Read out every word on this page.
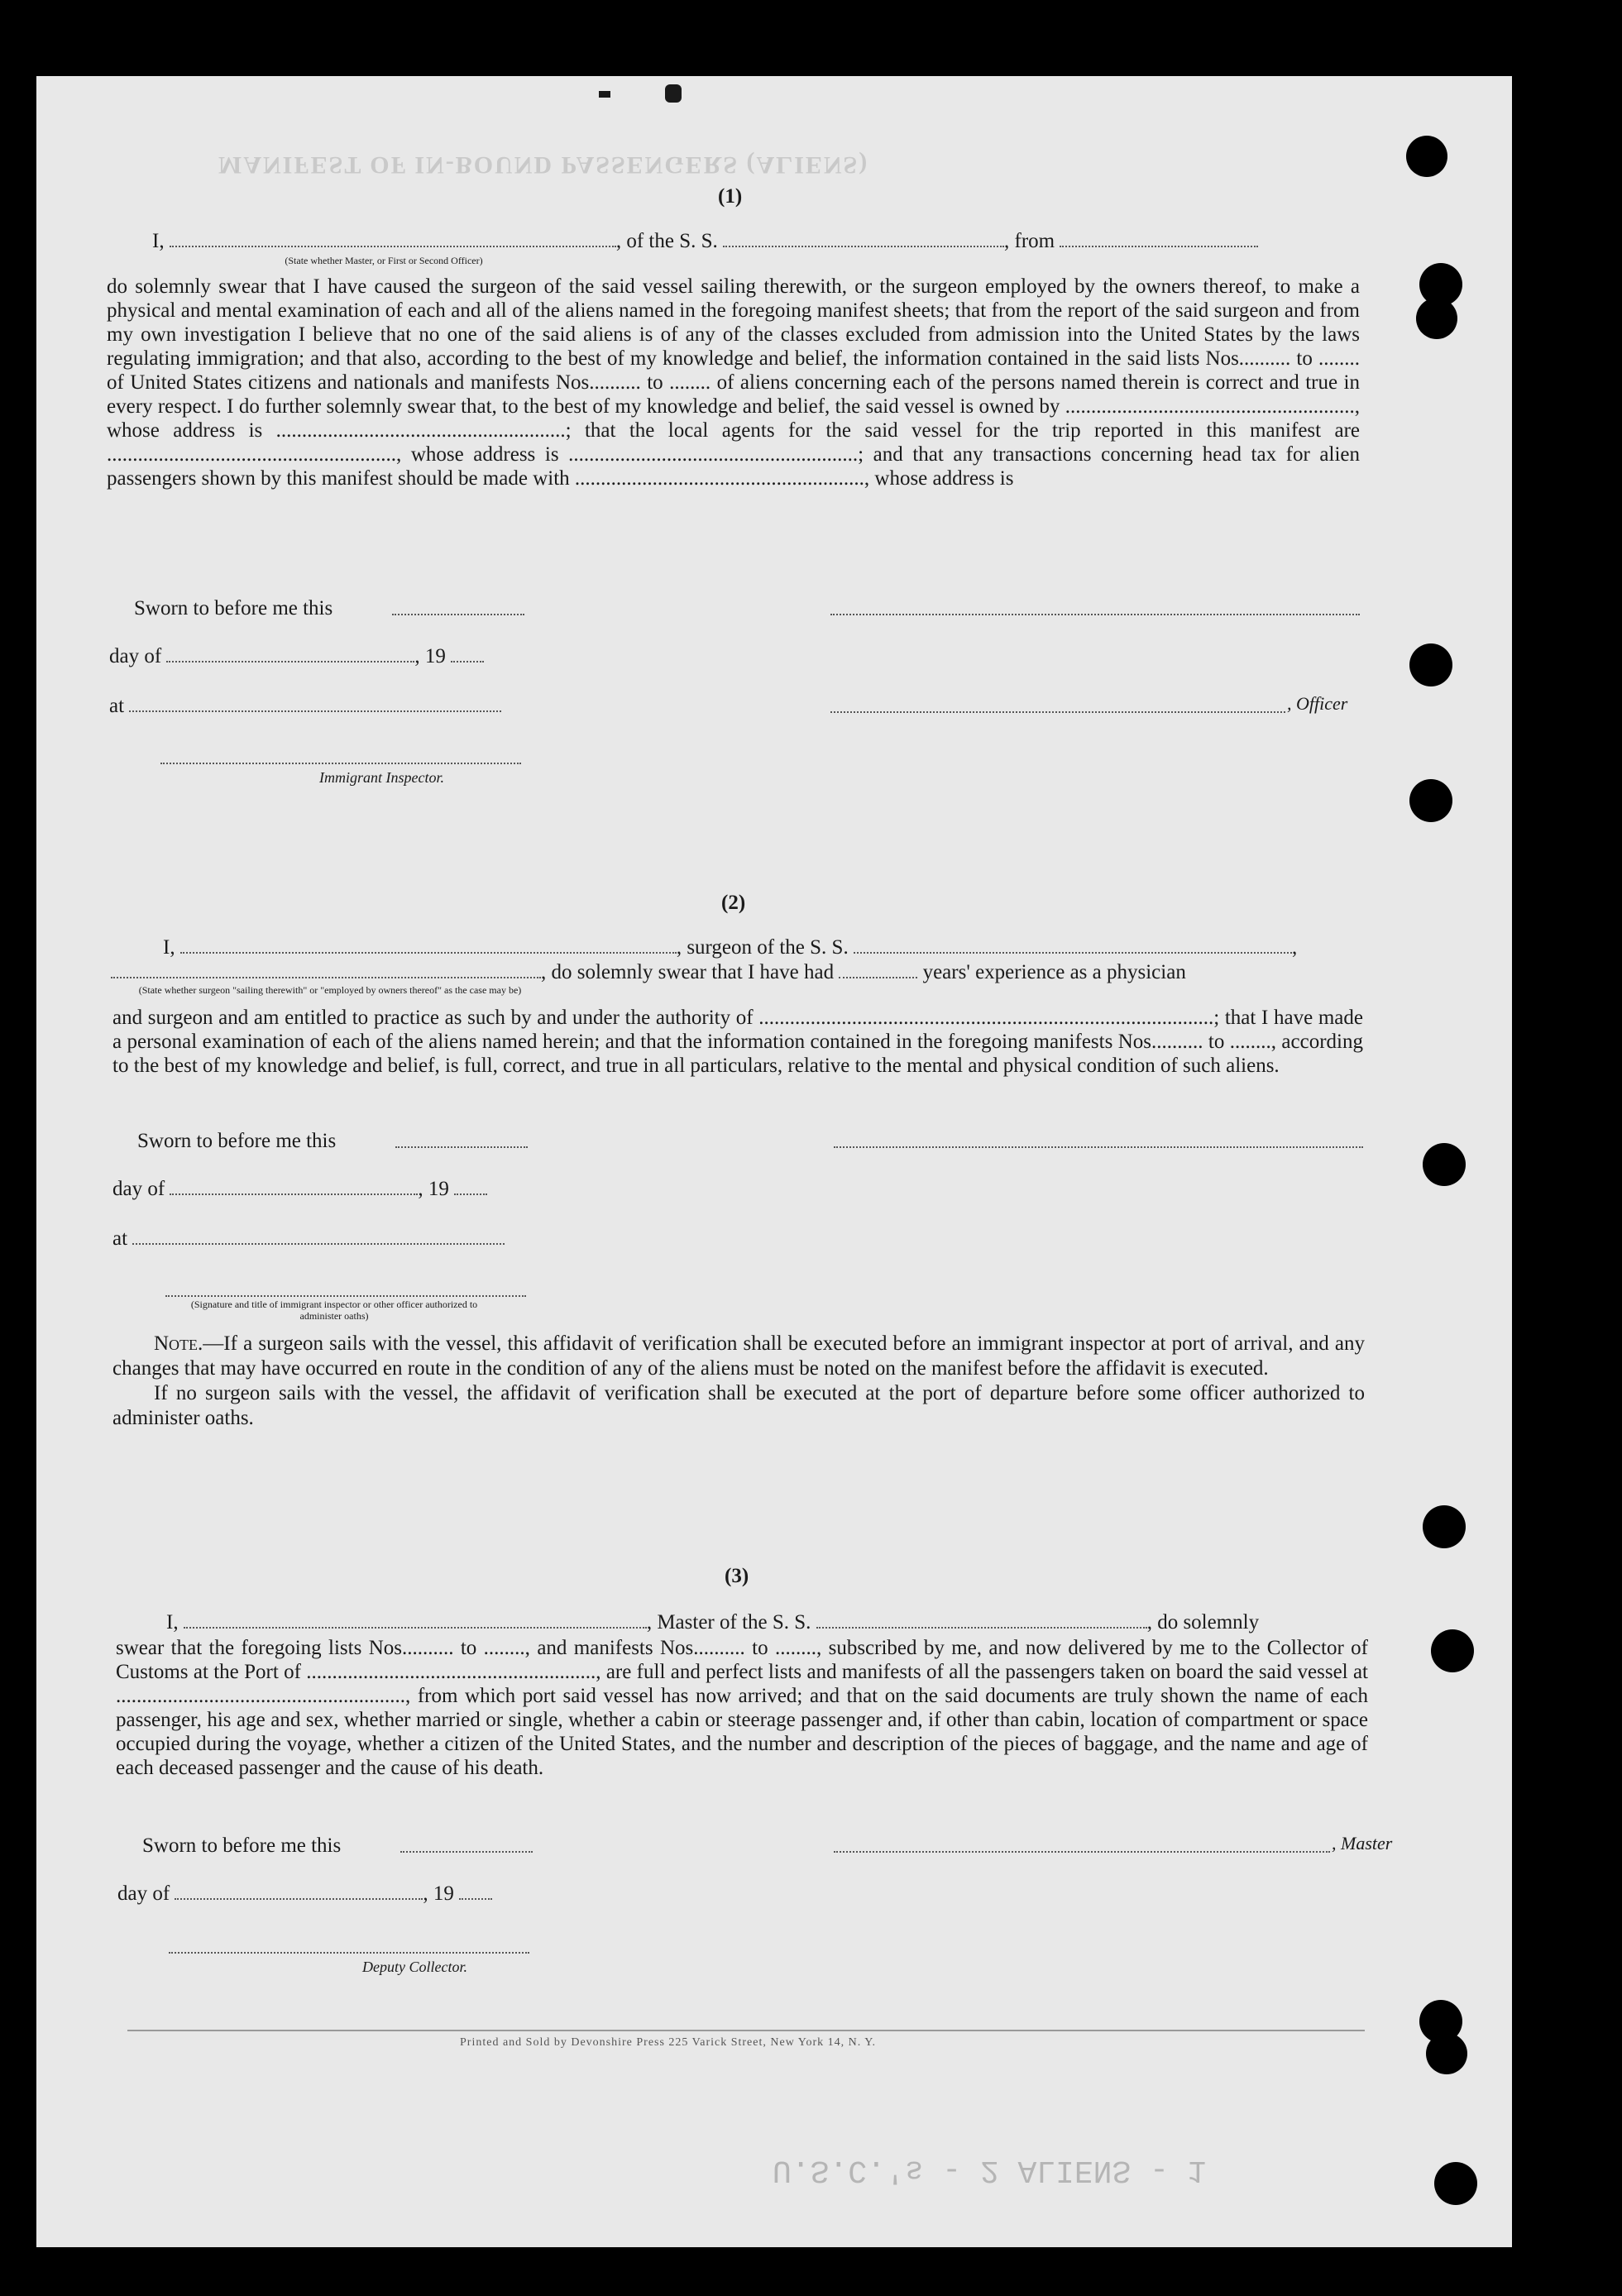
MANIFEST OF IN-BOUND PASSENGERS (ALIENS)
U.S.C.'s - 2 ALIENS - 1
(1)
I,	, of the S. S.	, from
(State whether Master, or First or Second Officer)
do solemnly swear that I have caused the surgeon of the said vessel sailing therewith, or the surgeon employed by the owners thereof, to make a physical and mental examination of each and all of the aliens named in the foregoing manifest sheets; that from the report of the said surgeon and from my own investigation I believe that no one of the said aliens is of any of the classes excluded from admission into the United States by the laws regulating immigration; and that also, according to the best of my knowledge and belief, the information contained in the said lists Nos.......... to ........ of United States citizens and nationals and manifests Nos.......... to ........ of aliens concerning each of the persons named therein is correct and true in every respect. I do further solemnly swear that, to the best of my knowledge and belief, the said vessel is owned by ........................................................, whose address is ........................................................; that the local agents for the said vessel for the trip reported in this manifest are ........................................................, whose address is ........................................................; and that any transactions concerning head tax for alien passengers shown by this manifest should be made with ........................................................, whose address is
Sworn to before me this
day of	, 19
at	, Officer
Immigrant Inspector.
(2)
I,	, surgeon of the S. S.	,
, do solemnly swear that I have had	years' experience as a physician
(State whether surgeon "sailing therewith" or "employed by owners thereof" as the case may be)
and surgeon and am entitled to practice as such by and under the authority of ........................................................................................; that I have made a personal examination of each of the aliens named herein; and that the information contained in the foregoing manifests Nos.......... to ........, according to the best of my knowledge and belief, is full, correct, and true in all particulars, relative to the mental and physical condition of such aliens.
Sworn to before me this
day of	, 19
at
(Signature and title of immigrant inspector or other officer authorized to administer oaths)

Note.—If a surgeon sails with the vessel, this affidavit of verification shall be executed before an immigrant inspector at port of arrival, and any changes that may have occurred en route in the condition of any of the aliens must be noted on the manifest before the affidavit is executed.

If no surgeon sails with the vessel, the affidavit of verification shall be executed at the port of departure before some officer authorized to administer oaths.

(3)
I,	, Master of the S. S.	, do solemnly
swear that the foregoing lists Nos.......... to ........, and manifests Nos.......... to ........, subscribed by me, and now delivered by me to the Collector of Customs at the Port of ........................................................, are full and perfect lists and manifests of all the passengers taken on board the said vessel at ........................................................, from which port said vessel has now arrived; and that on the said documents are truly shown the name of each passenger, his age and sex, whether married or single, whether a cabin or steerage passenger and, if other than cabin, location of compartment or space occupied during the voyage, whether a citizen of the United States, and the number and description of the pieces of baggage, and the name and age of each deceased passenger and the cause of his death.
Sworn to before me this	, Master
day of	, 19
Deputy Collector.
Printed and Sold by Devonshire Press 225 Varick Street, New York 14, N. Y.
